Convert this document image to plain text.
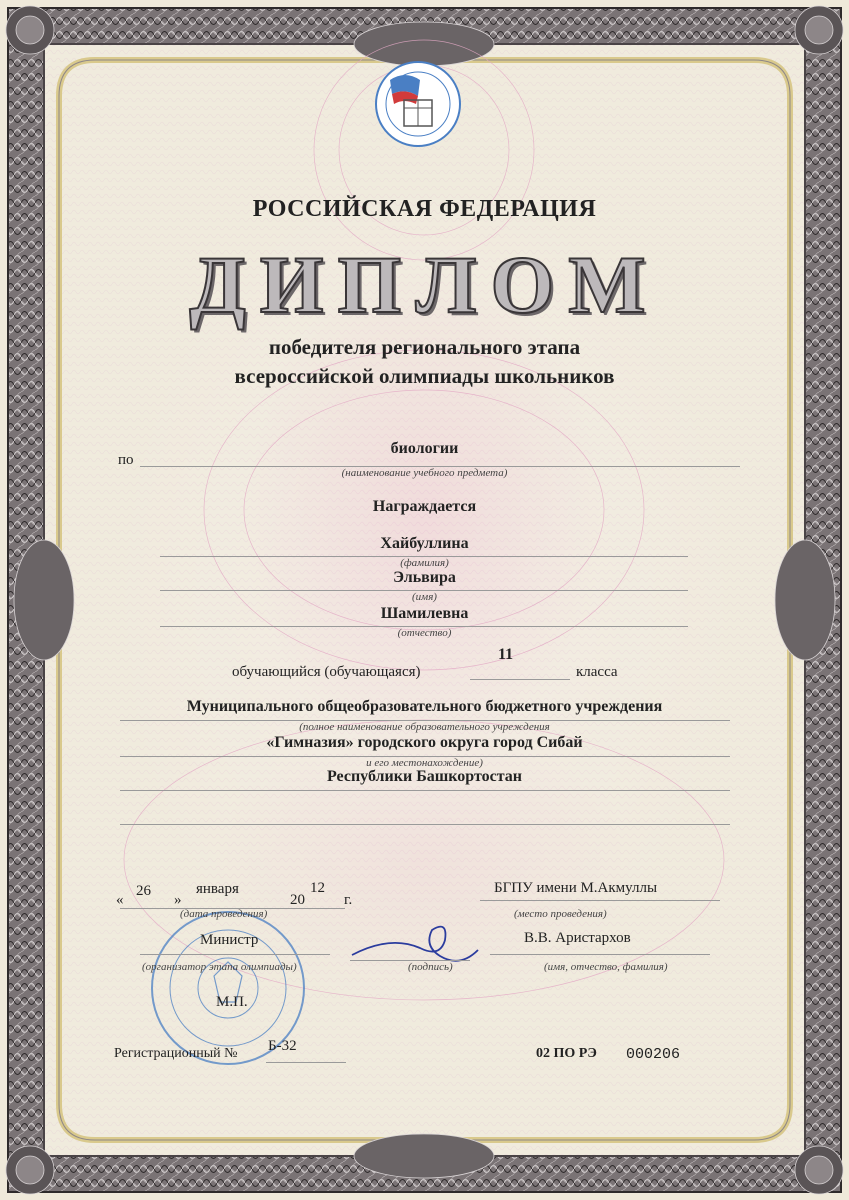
РОССИЙСКАЯ ФЕДЕРАЦИЯ
ДИПЛОМ
победителя регионального этапа
всероссийской олимпиады школьников
по
биологии
(наименование учебного предмета)
Награждается
Хайбуллина
(фамилия)
Эльвира
(имя)
Шамилевна
(отчество)
обучающийся (обучающаяся)
11
класса
Муниципального общеобразовательного бюджетного учреждения
(полное наименование образовательного учреждения
«Гимназия» городского округа город Сибай
и его местонахождение)
Республики Башкортостан
«
26
»
января
20
12
г.
(дата проведения)
БГПУ имени М.Акмуллы
(место проведения)
Министр
(организатор этапа олимпиады)	(подпись)
В.В. Аристархов
(имя, отчество, фамилия)
М.П.
Регистрационный № Б-32	02 ПО РЭ 000206
